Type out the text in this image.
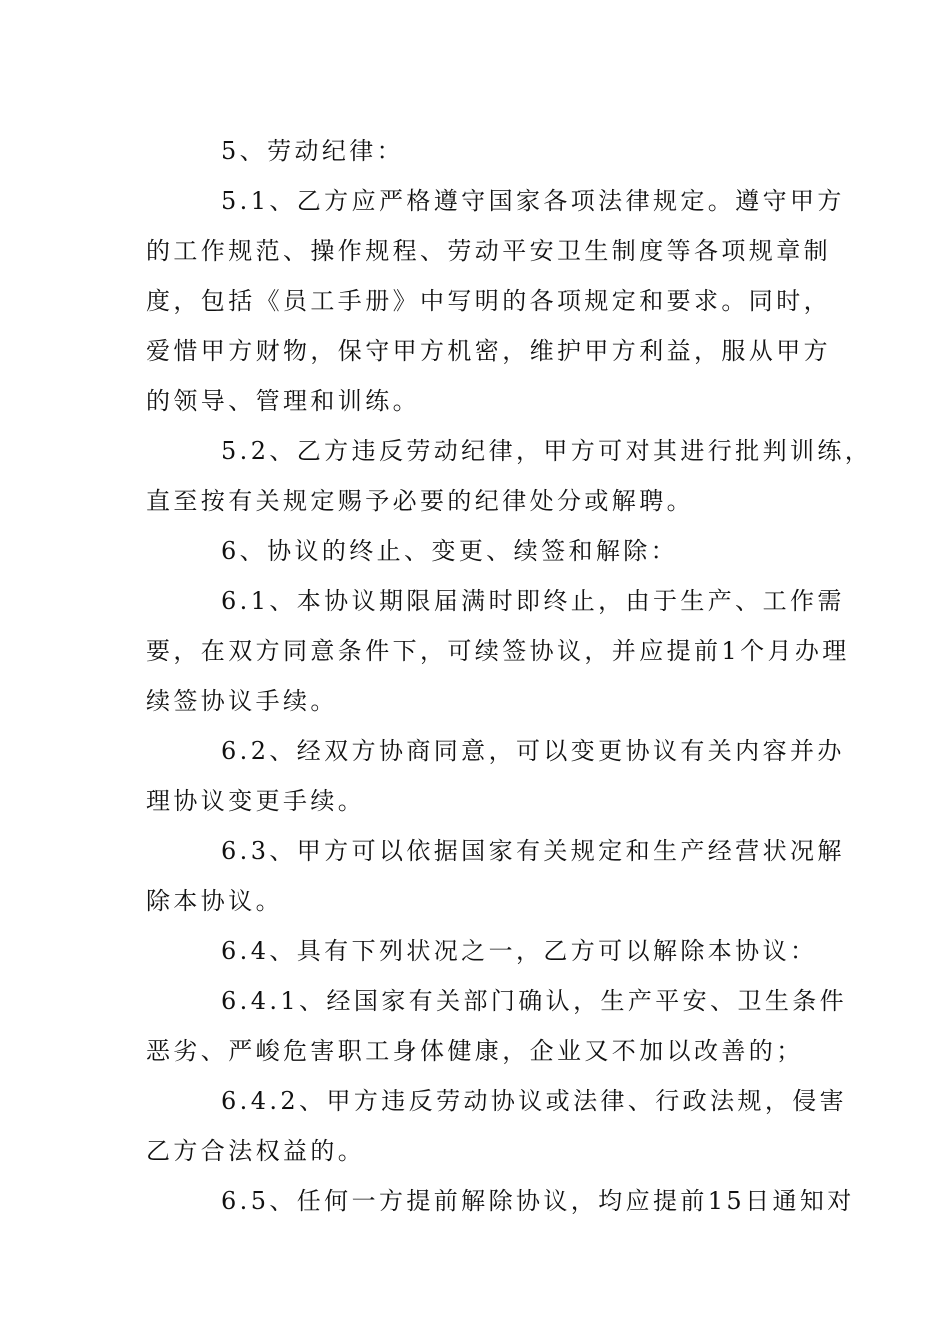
5、劳动纪律：
5.1、乙方应严格遵守国家各项法律规定。遵守甲方
的工作规范、操作规程、劳动平安卫生制度等各项规章制
度，包括《员工手册》中写明的各项规定和要求。同时，
爱惜甲方财物，保守甲方机密，维护甲方利益，服从甲方
的领导、管理和训练。
5.2、乙方违反劳动纪律，甲方可对其进行批判训练，
直至按有关规定赐予必要的纪律处分或解聘。
6、协议的终止、变更、续签和解除：
6.1、本协议期限届满时即终止，由于生产、工作需
要，在双方同意条件下，可续签协议，并应提前1个月办理
续签协议手续。
6.2、经双方协商同意，可以变更协议有关内容并办
理协议变更手续。
6.3、甲方可以依据国家有关规定和生产经营状况解
除本协议。
6.4、具有下列状况之一，乙方可以解除本协议：
6.4.1、经国家有关部门确认，生产平安、卫生条件
恶劣、严峻危害职工身体健康，企业又不加以改善的；
6.4.2、甲方违反劳动协议或法律、行政法规，侵害
乙方合法权益的。
6.5、任何一方提前解除协议，均应提前15日通知对
